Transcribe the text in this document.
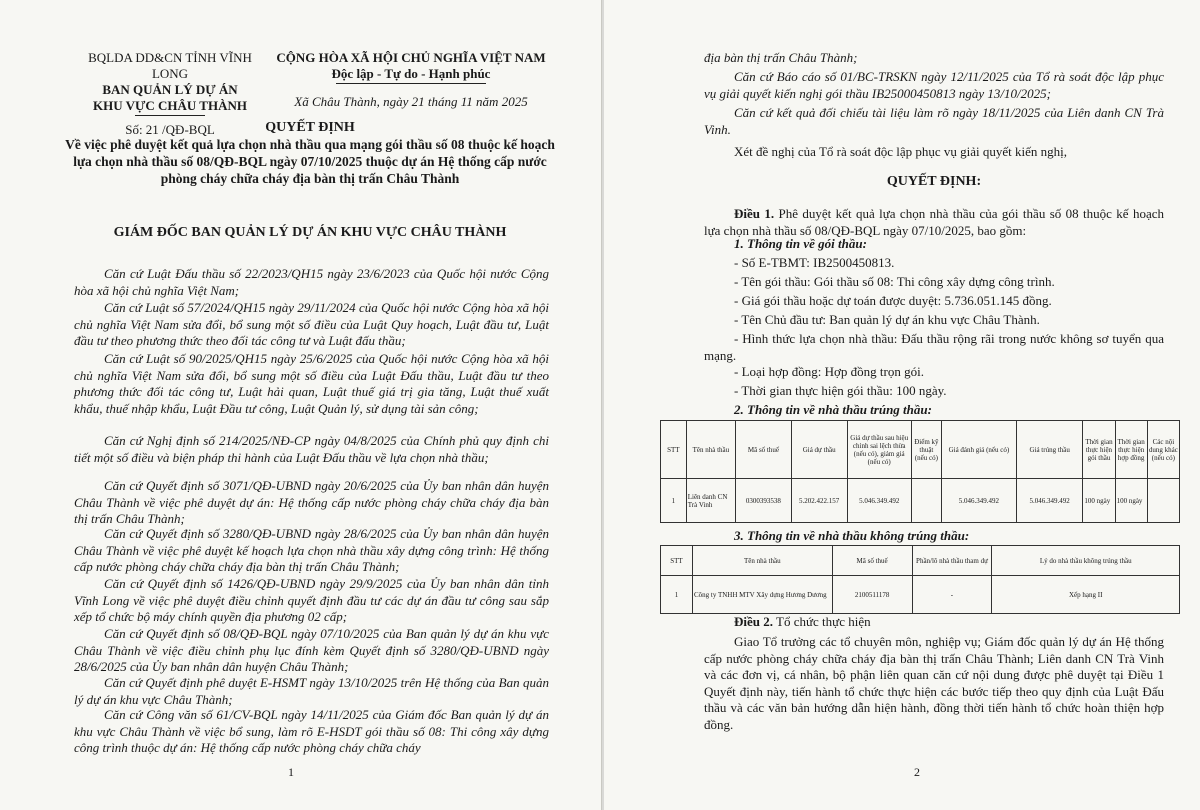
BQLDA DD&CN TỈNH VĨNH LONG
BAN QUẢN LÝ DỰ ÁN
KHU VỰC CHÂU THÀNH
Số: 21 /QĐ-BQL
CỘNG HÒA XÃ HỘI CHỦ NGHĨA VIỆT NAM
Độc lập - Tự do - Hạnh phúc
Xã Châu Thành, ngày 21 tháng 11 năm 2025
QUYẾT ĐỊNH
Về việc phê duyệt kết quả lựa chọn nhà thầu qua mạng gói thầu số 08 thuộc kế hoạch lựa chọn nhà thầu số 08/QĐ-BQL ngày 07/10/2025 thuộc dự án Hệ thống cấp nước phòng cháy chữa cháy địa bàn thị trấn Châu Thành
GIÁM ĐỐC BAN QUẢN LÝ DỰ ÁN KHU VỰC CHÂU THÀNH
Căn cứ Luật Đấu thầu số 22/2023/QH15 ngày 23/6/2023 của Quốc hội nước Cộng hòa xã hội chủ nghĩa Việt Nam;
Căn cứ Luật số 57/2024/QH15 ngày 29/11/2024 của Quốc hội nước Cộng hòa xã hội chủ nghĩa Việt Nam sửa đổi, bổ sung một số điều của Luật Quy hoạch, Luật đầu tư, Luật đầu tư theo phương thức theo đối tác công tư và Luật đấu thầu;
Căn cứ Luật số 90/2025/QH15 ngày 25/6/2025 của Quốc hội nước Cộng hòa xã hội chủ nghĩa Việt Nam sửa đổi, bổ sung một số điều của Luật Đấu thầu, Luật đầu tư theo phương thức đối tác công tư, Luật hải quan, Luật thuế giá trị gia tăng, Luật thuế xuất khẩu, thuế nhập khẩu, Luật Đầu tư công, Luật Quản lý, sử dụng tài sản công;
Căn cứ Nghị định số 214/2025/NĐ-CP ngày 04/8/2025 của Chính phủ quy định chi tiết một số điều và biện pháp thi hành của Luật Đấu thầu về lựa chọn nhà thầu;
Căn cứ Quyết định số 3071/QĐ-UBND ngày 20/6/2025 của Ủy ban nhân dân huyện Châu Thành về việc phê duyệt dự án: Hệ thống cấp nước phòng cháy chữa cháy địa bàn thị trấn Châu Thành;
Căn cứ Quyết định số 3280/QĐ-UBND ngày 28/6/2025 của Ủy ban nhân dân huyện Châu Thành về việc phê duyệt kế hoạch lựa chọn nhà thầu xây dựng công trình: Hệ thống cấp nước phòng cháy chữa cháy địa bàn thị trấn Châu Thành;
Căn cứ Quyết định số 1426/QĐ-UBND ngày 29/9/2025 của Ủy ban nhân dân tỉnh Vĩnh Long về việc phê duyệt điều chỉnh quyết định đầu tư các dự án đầu tư công sau sắp xếp tổ chức bộ máy chính quyền địa phương 02 cấp;
Căn cứ Quyết định số 08/QĐ-BQL ngày 07/10/2025 của Ban quản lý dự án khu vực Châu Thành về việc điều chỉnh phụ lục đính kèm Quyết định số 3280/QĐ-UBND ngày 28/6/2025 của Ủy ban nhân dân huyện Châu Thành;
Căn cứ Quyết định phê duyệt E-HSMT ngày 13/10/2025 trên Hệ thống của Ban quản lý dự án khu vực Châu Thành;
Căn cứ Công văn số 61/CV-BQL ngày 14/11/2025 của Giám đốc Ban quản lý dự án khu vực Châu Thành về việc bổ sung, làm rõ E-HSDT gói thầu số 08: Thi công xây dựng công trình thuộc dự án: Hệ thống cấp nước phòng cháy chữa cháy
1
địa bàn thị trấn Châu Thành;
Căn cứ Báo cáo số 01/BC-TRSKN ngày 12/11/2025 của Tổ rà soát độc lập phục vụ giải quyết kiến nghị gói thầu IB25000450813 ngày 13/10/2025;
Căn cứ kết quả đối chiếu tài liệu làm rõ ngày 18/11/2025 của Liên danh CN Trà Vinh.
Xét đề nghị của Tổ rà soát độc lập phục vụ giải quyết kiến nghị,
QUYẾT ĐỊNH:
Điều 1. Phê duyệt kết quả lựa chọn nhà thầu của gói thầu số 08 thuộc kế hoạch lựa chọn nhà thầu số 08/QĐ-BQL ngày 07/10/2025, bao gồm:
1. Thông tin về gói thầu:
- Số E-TBMT: IB2500450813.
- Tên gói thầu: Gói thầu số 08: Thi công xây dựng công trình.
- Giá gói thầu hoặc dự toán được duyệt: 5.736.051.145 đồng.
- Tên Chủ đầu tư: Ban quản lý dự án khu vực Châu Thành.
- Hình thức lựa chọn nhà thầu: Đấu thầu rộng rãi trong nước không sơ tuyển qua mạng.
- Loại hợp đồng: Hợp đồng trọn gói.
- Thời gian thực hiện gói thầu: 100 ngày.
2. Thông tin về nhà thầu trúng thầu:
STT	Tên nhà thầu	Mã số thuế	Giá dự thầu	Giá dự thầu sau hiệu chỉnh sai lệch thừa (nếu có), giảm giá (nếu có)	Điểm kỹ thuật (nếu có)	Giá đánh giá (nếu có)	Giá trúng thầu	Thời gian thực hiện gói thầu	Thời gian thực hiện hợp đồng	Các nội dung khác (nếu có)
1	Liên danh CN Trà Vinh	0300393538	5.202.422.157	5.046.349.492		5.046.349.492	5.046.349.492	100 ngày	100 ngày	
3. Thông tin về nhà thầu không trúng thầu:
STT	Tên nhà thầu	Mã số thuế	Phần/lô nhà thầu tham dự	Lý do nhà thầu không trúng thầu
1	Công ty TNHH MTV Xây dựng Hương Dương	2100511178	-	Xếp hạng II
Điều 2. Tổ chức thực hiện
Giao Tổ trưởng các tổ chuyên môn, nghiệp vụ; Giám đốc quản lý dự án Hệ thống cấp nước phòng cháy chữa cháy địa bàn thị trấn Châu Thành; Liên danh CN Trà Vinh và các đơn vị, cá nhân, bộ phận liên quan căn cứ nội dung được phê duyệt tại Điều 1 Quyết định này, tiến hành tổ chức thực hiện các bước tiếp theo quy định của Luật Đấu thầu và các văn bản hướng dẫn hiện hành, đồng thời tiến hành tổ chức hoàn thiện hợp đồng.
2
